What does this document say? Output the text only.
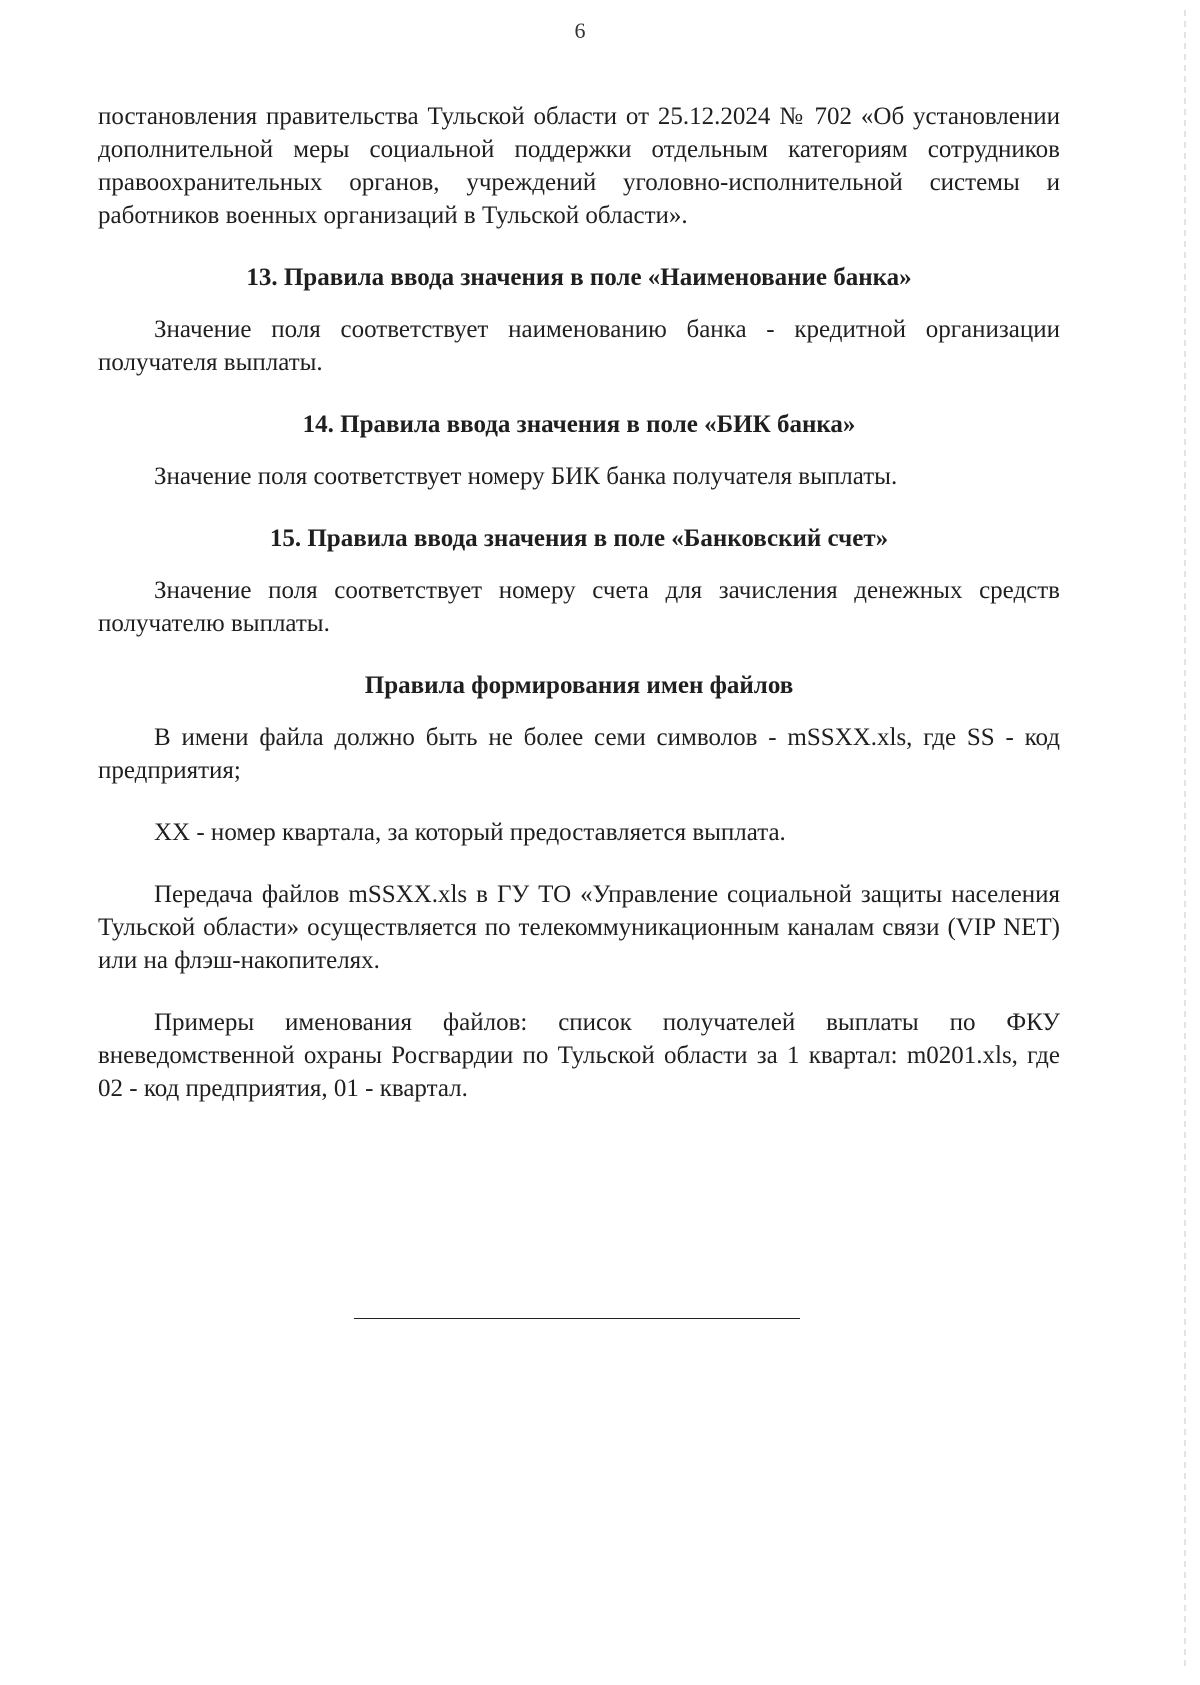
6

постановления правительства Тульской области от 25.12.2024 № 702 «Об установлении дополнительной меры социальной поддержки отдельным категориям сотрудников правоохранительных органов, учреждений уголовно-исполнительной системы и работников военных организаций в Тульской области».

13. Правила ввода значения в поле «Наименование банка»

Значение поля соответствует наименованию банка - кредитной организации получателя выплаты.

14. Правила ввода значения в поле «БИК банка»

Значение поля соответствует номеру БИК банка получателя выплаты.

15. Правила ввода значения в поле «Банковский счет»

Значение поля соответствует номеру счета для зачисления денежных средств получателю выплаты.

Правила формирования имен файлов

В имени файла должно быть не более семи символов - mSSXX.xls, где SS - код предприятия;

XX - номер квартала, за который предоставляется выплата.

Передача файлов mSSXX.xls в ГУ ТО «Управление социальной защиты населения Тульской области» осуществляется по телекоммуникационным каналам связи (VIP NET) или на флэш-накопителях.

Примеры именования файлов: список получателей выплаты по ФКУ вневедомственной охраны Росгвардии по Тульской области за 1 квартал: m0201.xls, где 02 - код предприятия, 01 - квартал.
